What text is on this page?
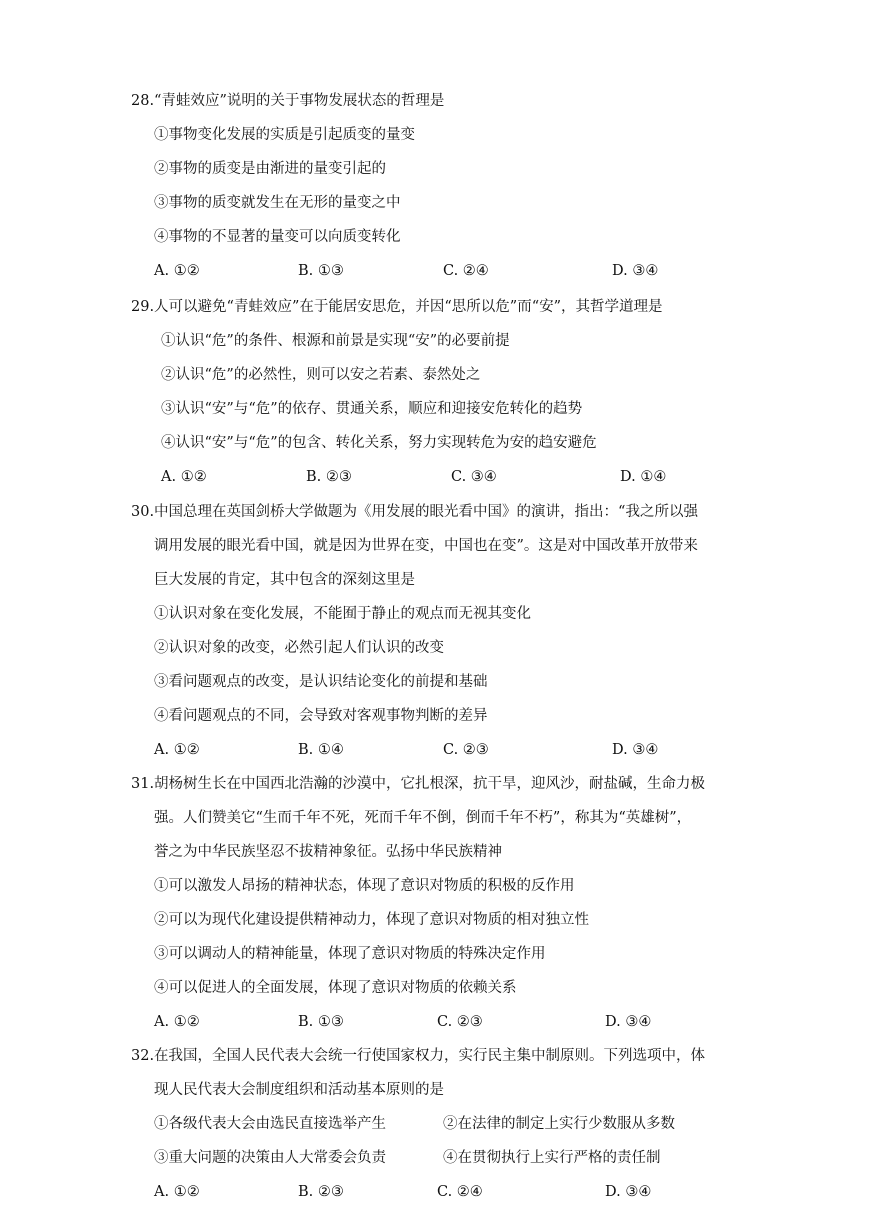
28.“青蛙效应”说明的关于事物发展状态的哲理是
①事物变化发展的实质是引起质变的量变
②事物的质变是由渐进的量变引起的
③事物的质变就发生在无形的量变之中
④事物的不显著的量变可以向质变转化
A. ①②	B. ①③	C. ②④	D. ③④
29.人可以避免“青蛙效应”在于能居安思危，并因“思所以危”而“安”，其哲学道理是
①认识“危”的条件、根源和前景是实现“安”的必要前提
②认识“危”的必然性，则可以安之若素、泰然处之
③认识“安”与“危”的依存、贯通关系，顺应和迎接安危转化的趋势
④认识“安”与“危”的包含、转化关系，努力实现转危为安的趋安避危
A. ①②	B. ②③	C. ③④	D. ①④
30.中国总理在英国剑桥大学做题为《用发展的眼光看中国》的演讲，指出：“我之所以强
调用发展的眼光看中国，就是因为世界在变，中国也在变”。这是对中国改革开放带来
巨大发展的肯定，其中包含的深刻这里是
①认识对象在变化发展，不能囿于静止的观点而无视其变化
②认识对象的改变，必然引起人们认识的改变
③看问题观点的改变，是认识结论变化的前提和基础
④看问题观点的不同，会导致对客观事物判断的差异
A. ①②	B. ①④	C. ②③	D. ③④
31.胡杨树生长在中国西北浩瀚的沙漠中，它扎根深，抗干旱，迎风沙，耐盐碱，生命力极
强。人们赞美它“生而千年不死，死而千年不倒，倒而千年不朽”，称其为“英雄树”，
誉之为中华民族坚忍不拔精神象征。弘扬中华民族精神
①可以激发人昂扬的精神状态，体现了意识对物质的积极的反作用
②可以为现代化建设提供精神动力，体现了意识对物质的相对独立性
③可以调动人的精神能量，体现了意识对物质的特殊决定作用
④可以促进人的全面发展，体现了意识对物质的依赖关系
A. ①②	B. ①③	C. ②③	D. ③④
32.在我国，全国人民代表大会统一行使国家权力，实行民主集中制原则。下列选项中，体
现人民代表大会制度组织和活动基本原则的是
①各级代表大会由选民直接选举产生	②在法律的制定上实行少数服从多数
③重大问题的决策由人大常委会负责	④在贯彻执行上实行严格的责任制
A. ①②	B. ②③	C. ②④	D. ③④
